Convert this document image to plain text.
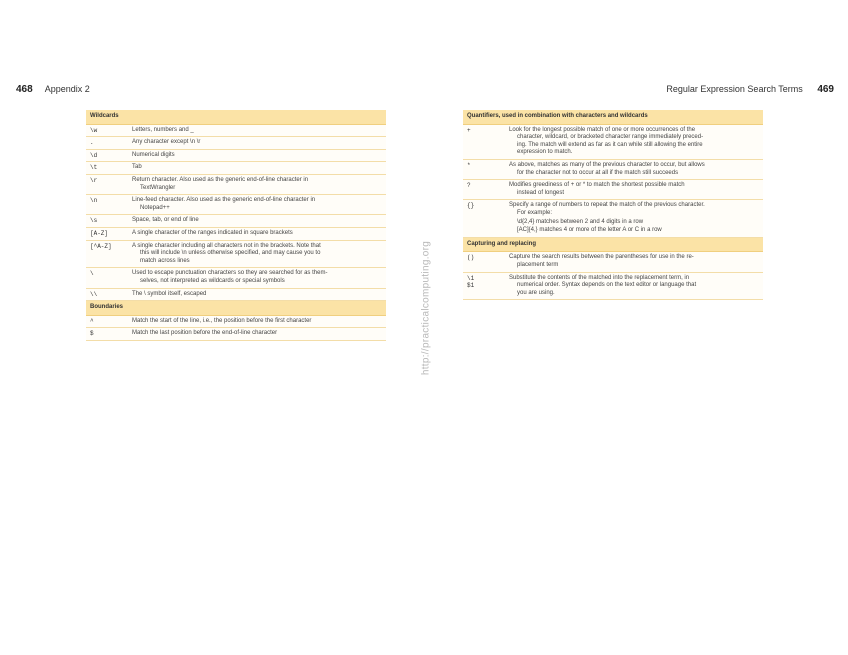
468 Appendix 2	Regular Expression Search Terms 469
Wildcards	
\w	Letters, numbers and _

.	Any character except \n \r

\d	Numerical digits

\t	Tab

\r	Return character. Also used as the generic end-of-line character in
TextWrangler

\n	Line-feed character. Also used as the generic end-of-line character in
Notepad++

\s	Space, tab, or end of line

[A-Z]	A single character of the ranges indicated in square brackets

[^A-Z]	A single character including all characters not in the brackets. Note that
this will include \n unless otherwise specified, and may cause you to
match across lines

\	Used to escape punctuation characters so they are searched for as them-
selves, not interpreted as wildcards or special symbols

\\	The \ symbol itself, escaped

Boundaries	
^	Match the start of the line, i.e., the position before the first character

$	Match the last position before the end-of-line character
Quantifiers, used in combination with characters and wildcards	
+	Look for the longest possible match of one or more occurrences of the
character, wildcard, or bracketed character range immediately preced-
ing. The match will extend as far as it can while still allowing the entire
expression to match.

*	As above, matches as many of the previous character to occur, but allows
for the character not to occur at all if the match still succeeds

?	Modifies greediness of + or * to match the shortest possible match
instead of longest

{}	Specify a range of numbers to repeat the match of the previous character.
For example:
\d{2,4} matches between 2 and 4 digits in a row
[AC]{4,} matches 4 or more of the letter A or C in a row

Capturing and replacing	
()	Capture the search results between the parentheses for use in the re-
placement term

\1
$1	Substitute the contents of the matched into the replacement term, in
numerical order. Syntax depends on the text editor or language that
you are using.
http://practicalcomputing.org
